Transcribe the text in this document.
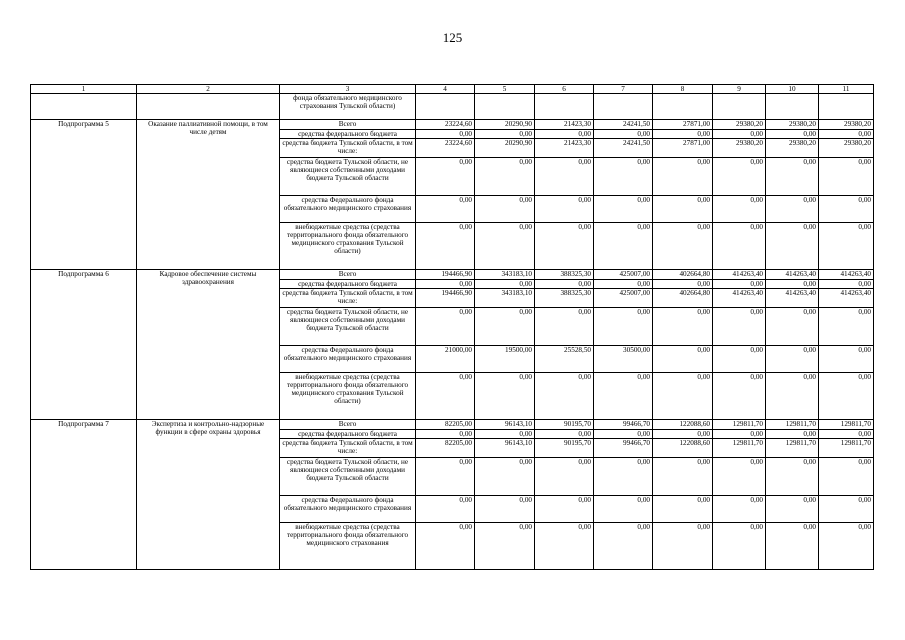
125
1	2	3	4	5	6	7	8	9	10	11
		фонда обязательного медицинского страхования Тульской области)								
Подпрограмма 5	Оказание паллиативной помощи, в том числе детям	Всего	23224,60	20290,90	21423,30	24241,50	27871,00	29380,20	29380,20	29380,20
		средства федерального бюджета	0,00	0,00	0,00	0,00	0,00	0,00	0,00	0,00
		средства бюджета Тульской области, в том числе:	23224,60	20290,90	21423,30	24241,50	27871,00	29380,20	29380,20	29380,20
		средства бюджета Тульской области, не являющиеся собственными доходами бюджета Тульской области	0,00	0,00	0,00	0,00	0,00	0,00	0,00	0,00
		средства Федерального фонда обязательного медицинского страхования	0,00	0,00	0,00	0,00	0,00	0,00	0,00	0,00
		внебюджетные средства (средства территориального фонда обязательного медицинского страхования Тульской области)	0,00	0,00	0,00	0,00	0,00	0,00	0,00	0,00
Подпрограмма 6	Кадровое обеспечение системы здравоохранения	Всего	194466,90	343183,10	388325,30	425007,00	402664,80	414263,40	414263,40	414263,40
		средства федерального бюджета	0,00	0,00	0,00	0,00	0,00	0,00	0,00	0,00
		средства бюджета Тульской области, в том числе:	194466,90	343183,10	388325,30	425007,00	402664,80	414263,40	414263,40	414263,40
		средства бюджета Тульской области, не являющиеся собственными доходами бюджета Тульской области	0,00	0,00	0,00	0,00	0,00	0,00	0,00	0,00
		средства Федерального фонда обязательного медицинского страхования	21000,00	19500,00	25528,50	30500,00	0,00	0,00	0,00	0,00
		внебюджетные средства (средства территориального фонда обязательного медицинского страхования Тульской области)	0,00	0,00	0,00	0,00	0,00	0,00	0,00	0,00
Подпрограмма 7	Экспертиза и контрольно-надзорные функции в сфере охраны здоровья	Всего	82205,00	96143,10	90195,70	99466,70	122088,60	129811,70	129811,70	129811,70
		средства федерального бюджета	0,00	0,00	0,00	0,00	0,00	0,00	0,00	0,00
		средства бюджета Тульской области, в том числе:	82205,00	96143,10	90195,70	99466,70	122088,60	129811,70	129811,70	129811,70
		средства бюджета Тульской области, не являющиеся собственными доходами бюджета Тульской области	0,00	0,00	0,00	0,00	0,00	0,00	0,00	0,00
		средства Федерального фонда обязательного медицинского страхования	0,00	0,00	0,00	0,00	0,00	0,00	0,00	0,00
		внебюджетные средства (средства территориального фонда обязательного медицинского страхования	0,00	0,00	0,00	0,00	0,00	0,00	0,00	0,00
